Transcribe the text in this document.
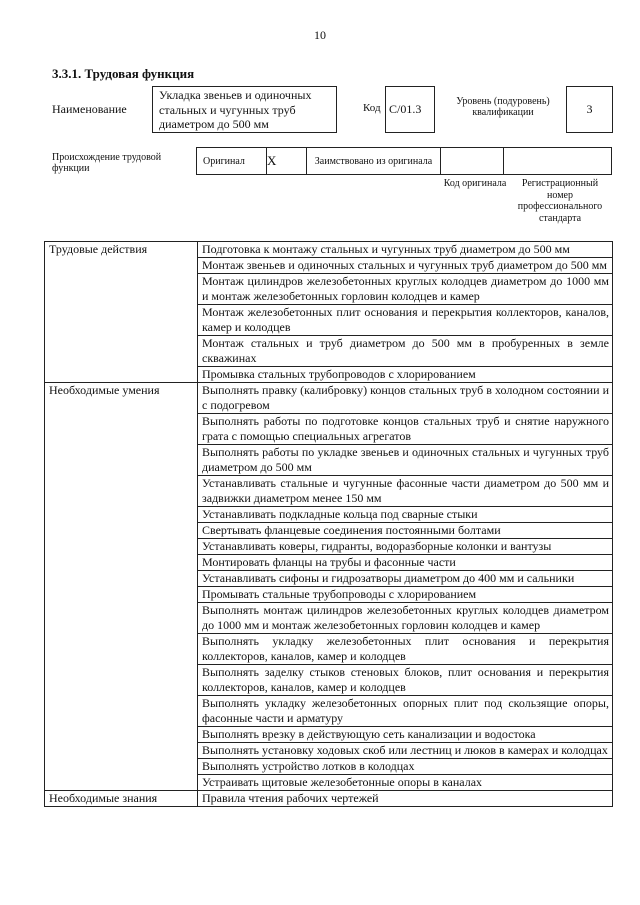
10
3.3.1. Трудовая функция
Наименование
Укладка звеньев и одиночных стальных и чугунных труб диаметром до 500 мм
Код С/01.3
Уровень (подуровень) квалификации	3
Происхождение трудовой функции
Оригинал	X	Заимствовано из оригинала
Код оригинала	Регистрационный номер профессионального стандарта
Трудовые действия	Подготовка к монтажу стальных и чугунных труб диаметром до 500 мм
	Монтаж звеньев и одиночных стальных и чугунных труб диаметром до 500 мм
	Монтаж цилиндров железобетонных круглых колодцев диаметром до 1000 мм и монтаж железобетонных горловин колодцев и камер
	Монтаж железобетонных плит основания и перекрытия коллекторов, каналов, камер и колодцев
	Монтаж стальных и труб диаметром до 500 мм в пробуренных в земле скважинах
	Промывка стальных трубопроводов с хлорированием
Необходимые умения	Выполнять правку (калибровку) концов стальных труб в холодном состоянии и с подогревом
	Выполнять работы по подготовке концов стальных труб и снятие наружного грата с помощью специальных агрегатов
	Выполнять работы по укладке звеньев и одиночных стальных и чугунных труб диаметром до 500 мм
	Устанавливать стальные и чугунные фасонные части диаметром до 500 мм и задвижки диаметром менее 150 мм
	Устанавливать подкладные кольца под сварные стыки
	Свертывать фланцевые соединения постоянными болтами
	Устанавливать коверы, гидранты, водоразборные колонки и вантузы
	Монтировать фланцы на трубы и фасонные части
	Устанавливать сифоны и гидрозатворы диаметром до 400 мм и сальники
	Промывать стальные трубопроводы с хлорированием
	Выполнять монтаж цилиндров железобетонных круглых колодцев диаметром до 1000 мм и монтаж железобетонных горловин колодцев и камер
	Выполнять укладку железобетонных плит основания и перекрытия коллекторов, каналов, камер и колодцев
	Выполнять заделку стыков стеновых блоков, плит основания и перекрытия коллекторов, каналов, камер и колодцев
	Выполнять укладку железобетонных опорных плит под скользящие опоры, фасонные части и арматуру
	Выполнять врезку в действующую сеть канализации и водостока
	Выполнять установку ходовых скоб или лестниц и люков в камерах и колодцах
	Выполнять устройство лотков в колодцах
	Устраивать щитовые железобетонные опоры в каналах
Необходимые знания	Правила чтения рабочих чертежей
